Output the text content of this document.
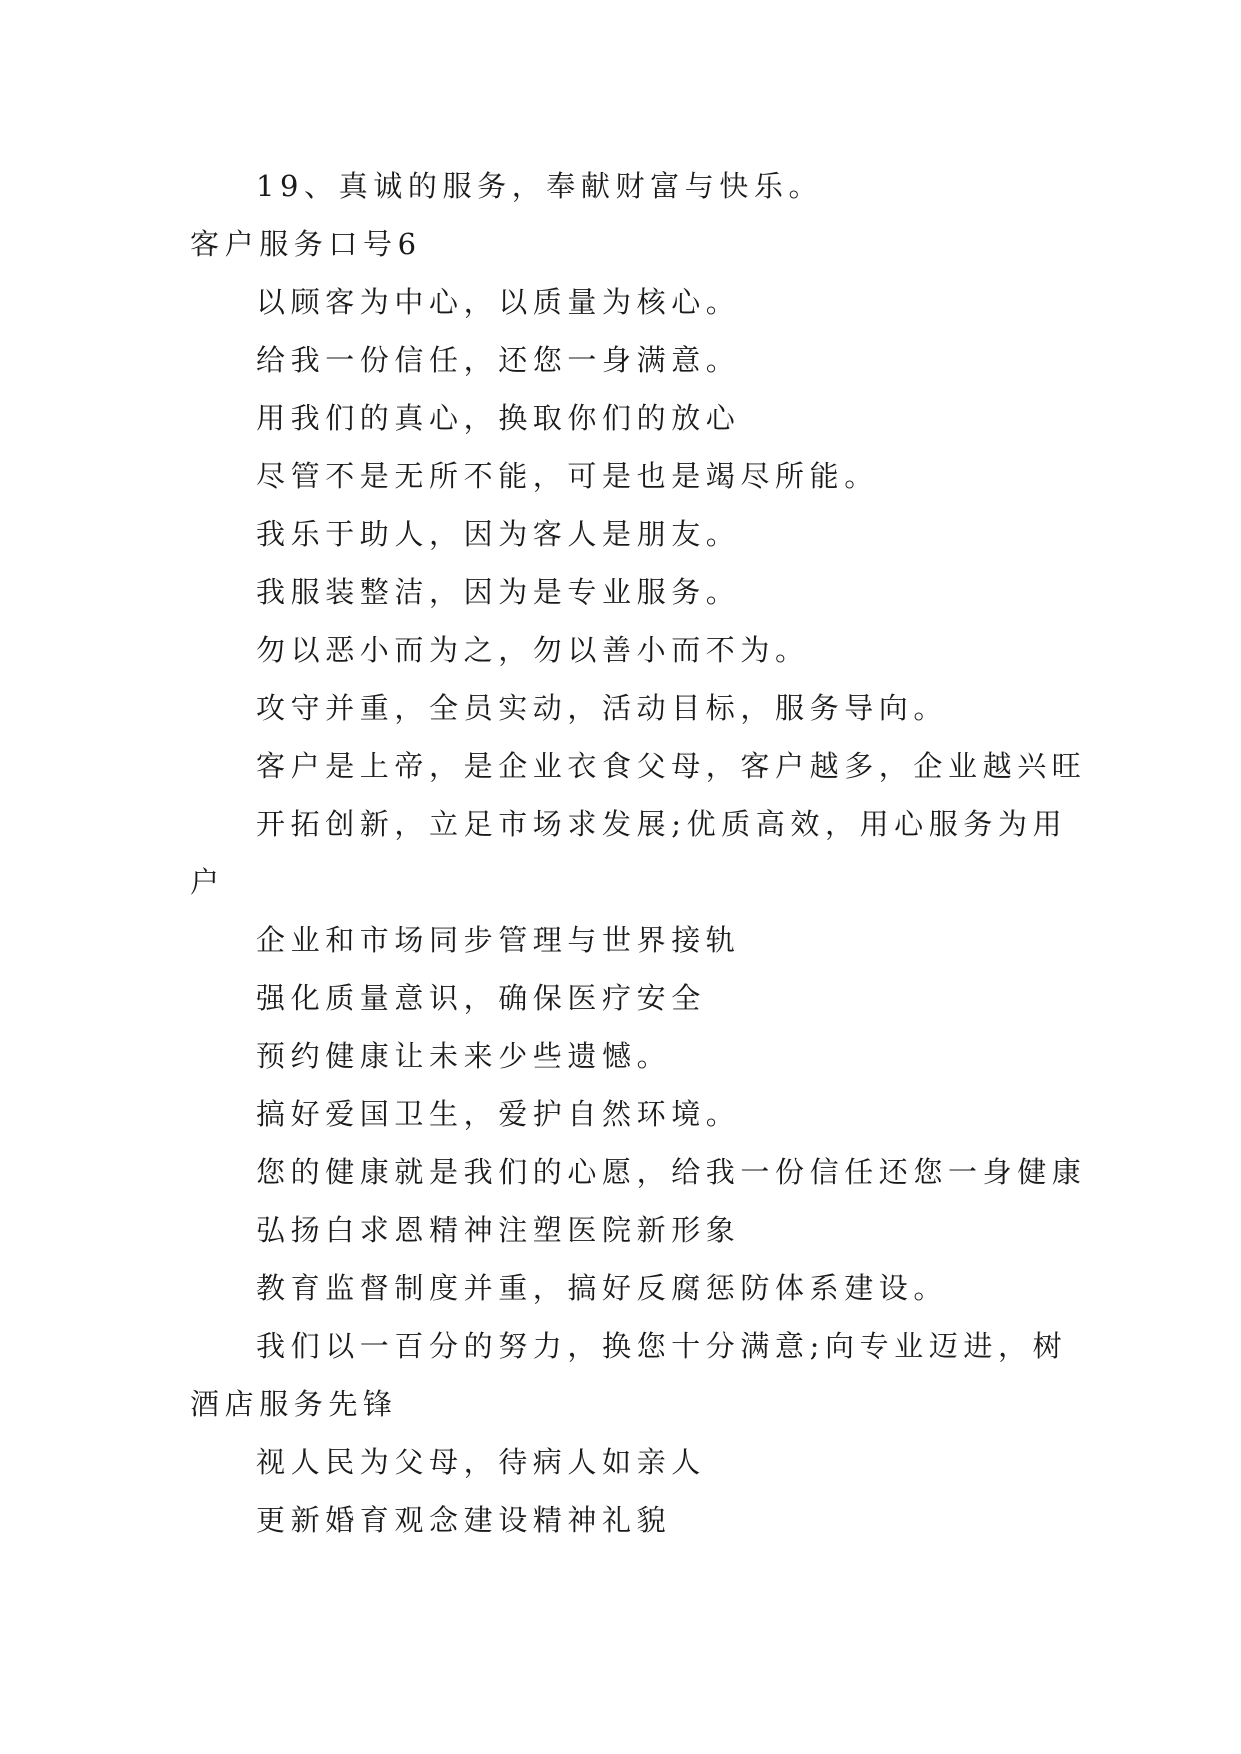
19、真诚的服务，奉献财富与快乐。
客户服务口号6
以顾客为中心，以质量为核心。
给我一份信任，还您一身满意。
用我们的真心，换取你们的放心
尽管不是无所不能，可是也是竭尽所能。
我乐于助人，因为客人是朋友。
我服装整洁，因为是专业服务。
勿以恶小而为之，勿以善小而不为。
攻守并重，全员实动，活动目标，服务导向。
客户是上帝，是企业衣食父母，客户越多，企业越兴旺
开拓创新，立足市场求发展;优质高效，用心服务为用
户
企业和市场同步管理与世界接轨
强化质量意识，确保医疗安全
预约健康让未来少些遗憾。
搞好爱国卫生，爱护自然环境。
您的健康就是我们的心愿，给我一份信任还您一身健康
弘扬白求恩精神注塑医院新形象
教育监督制度并重，搞好反腐惩防体系建设。
我们以一百分的努力，换您十分满意;向专业迈进，树
酒店服务先锋
视人民为父母，待病人如亲人
更新婚育观念建设精神礼貌
